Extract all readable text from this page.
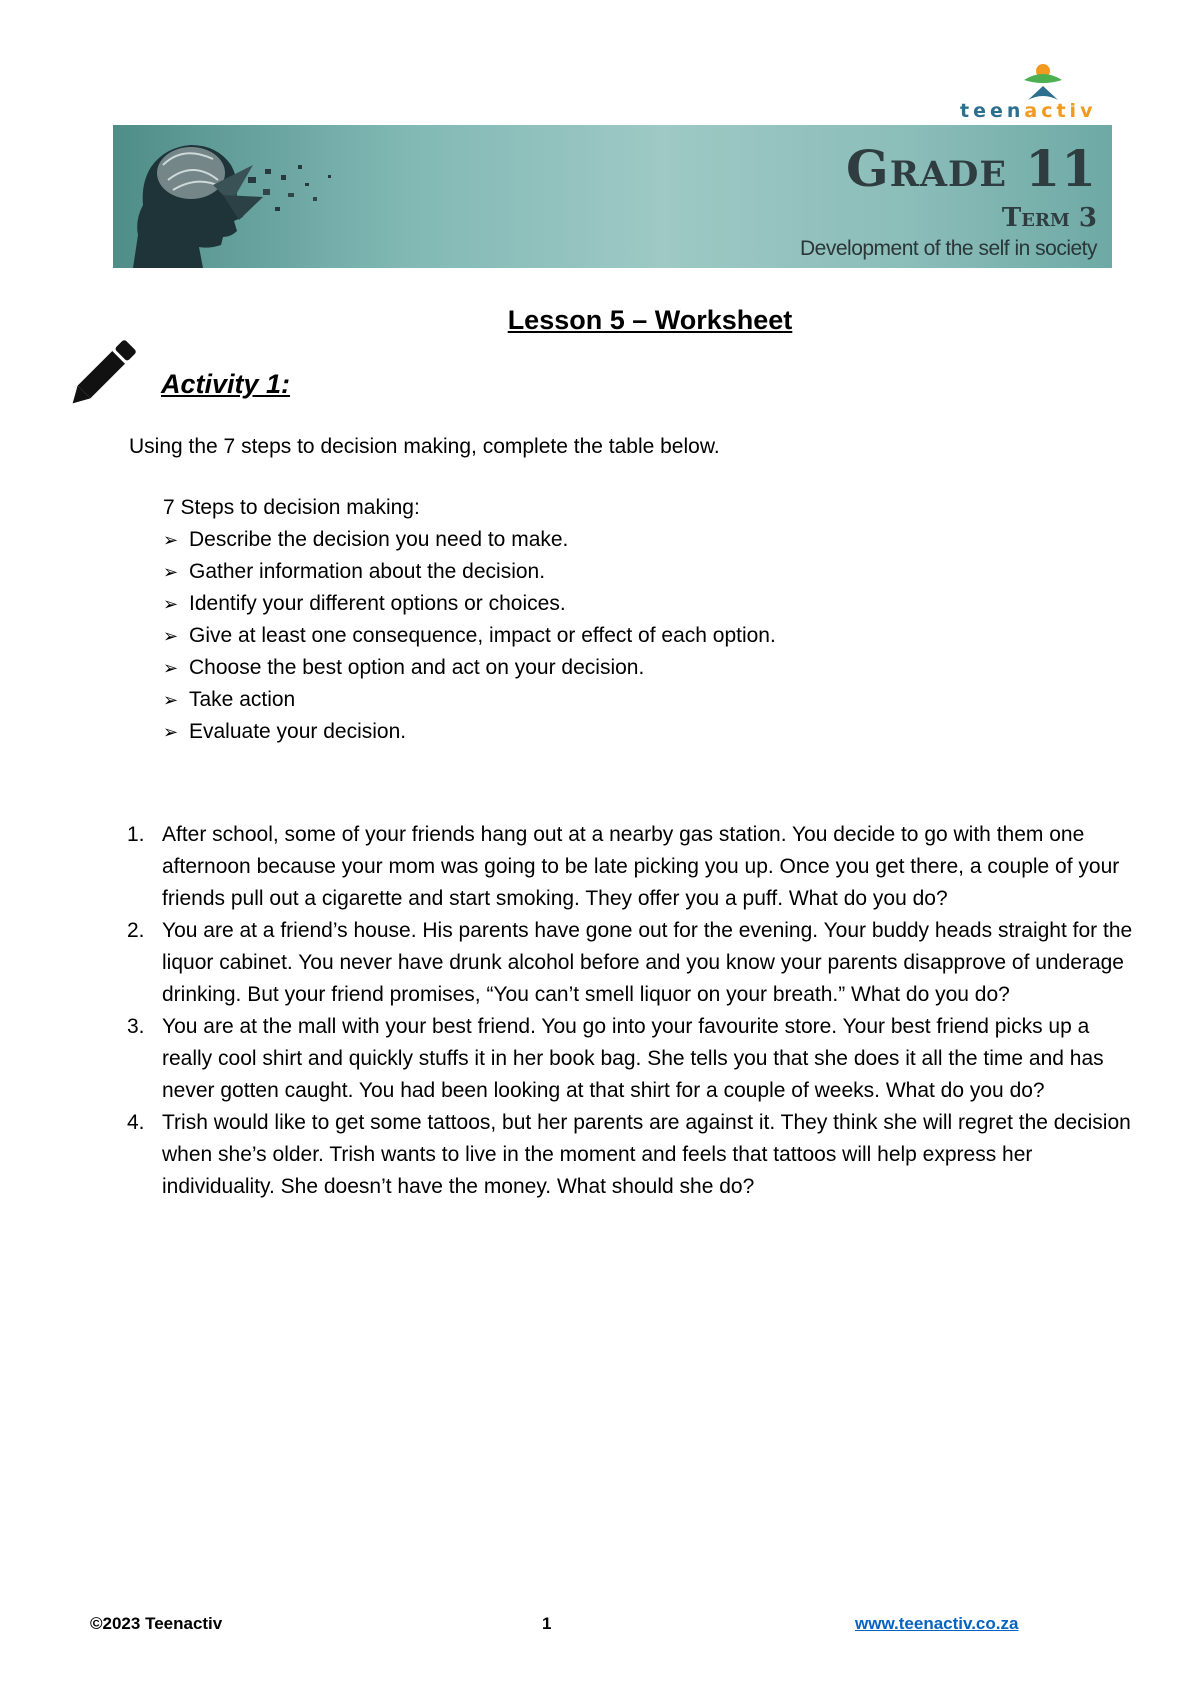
teenactiv
Grade 11
Term 3
Development of the self in society
Lesson 5 – Worksheet
Activity 1:
Using the 7 steps to decision making, complete the table below.
7 Steps to decision making:
➢ Describe the decision you need to make.
➢ Gather information about the decision.
➢ Identify your different options or choices.
➢ Give at least one consequence, impact or effect of each option.
➢ Choose the best option and act on your decision.
➢ Take action
➢ Evaluate your decision.
1. After school, some of your friends hang out at a nearby gas station. You decide to go with them one afternoon because your mom was going to be late picking you up. Once you get there, a couple of your friends pull out a cigarette and start smoking. They offer you a puff. What do you do?
2. You are at a friend’s house. His parents have gone out for the evening. Your buddy heads straight for the liquor cabinet. You never have drunk alcohol before and you know your parents disapprove of underage drinking. But your friend promises, “You can’t smell liquor on your breath.” What do you do?
3. You are at the mall with your best friend. You go into your favourite store. Your best friend picks up a really cool shirt and quickly stuffs it in her book bag. She tells you that she does it all the time and has never gotten caught. You had been looking at that shirt for a couple of weeks. What do you do?
4. Trish would like to get some tattoos, but her parents are against it. They think she will regret the decision when she’s older. Trish wants to live in the moment and feels that tattoos will help express her individuality. She doesn’t have the money. What should she do?
©2023 Teenactiv	1	www.teenactiv.co.za
